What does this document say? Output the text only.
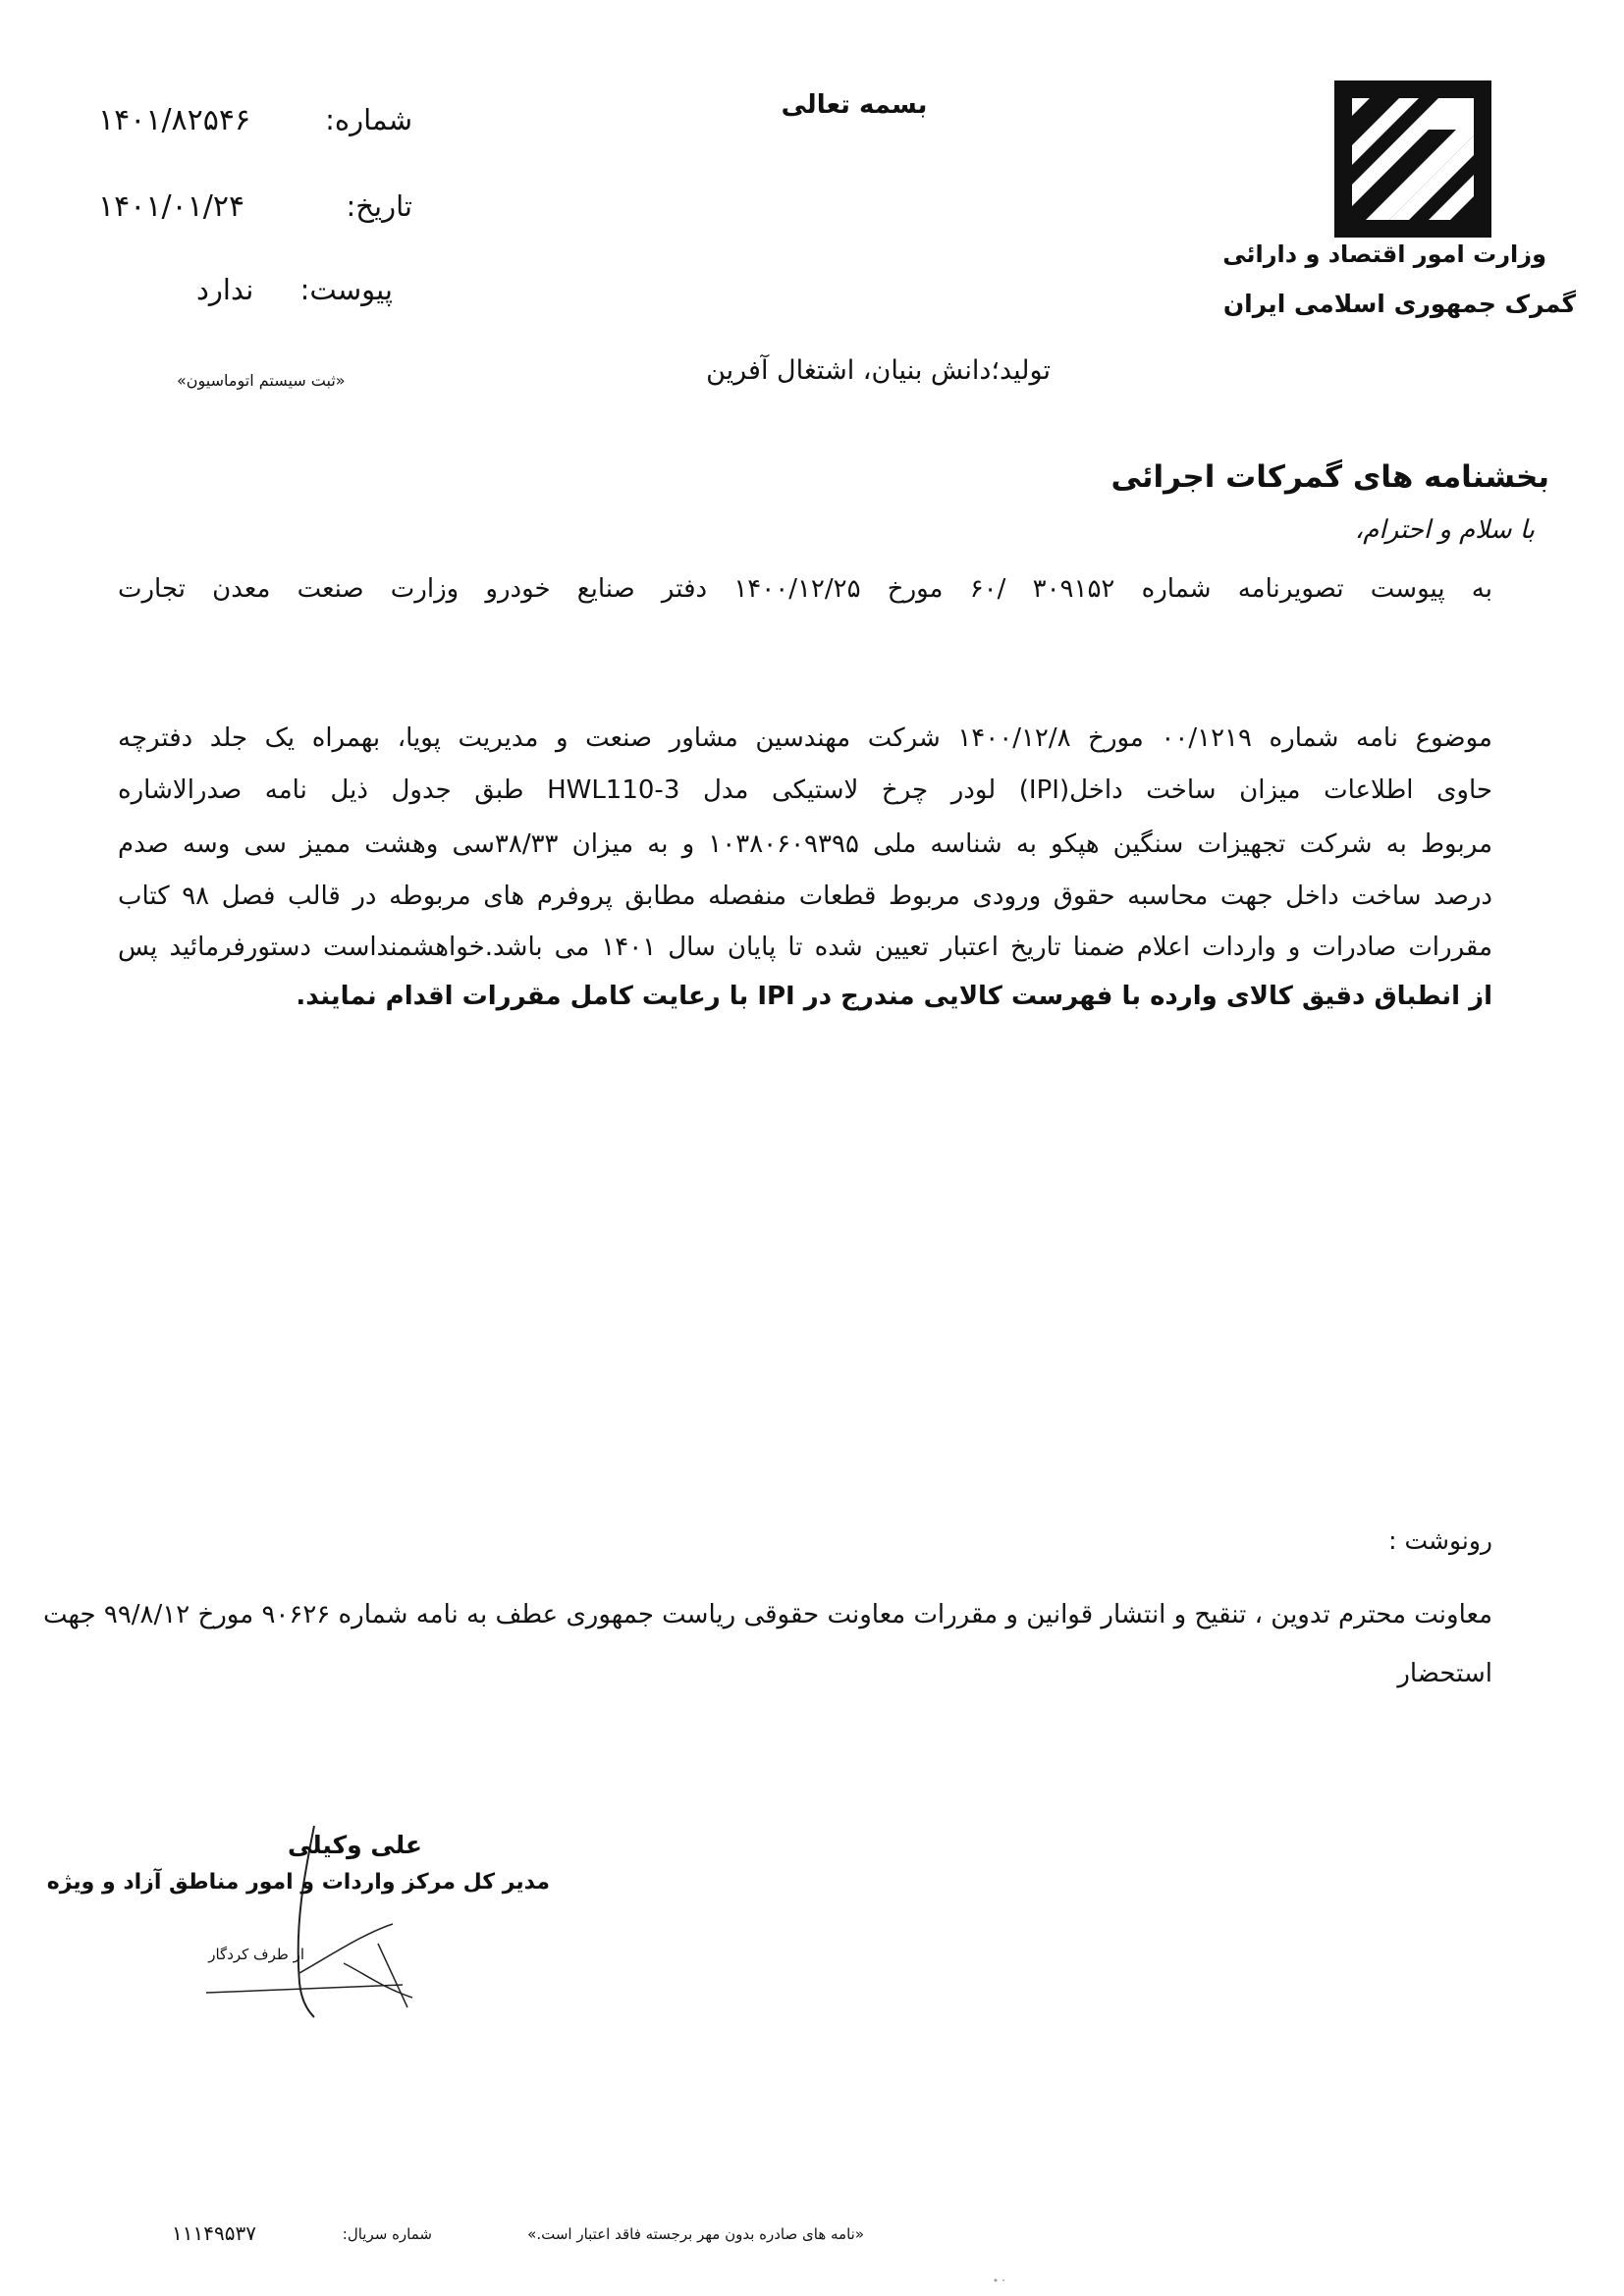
بسمه تعالی
وزارت امور اقتصاد و دارائی
گمرک جمهوری اسلامی ایران
شماره:
۱۴۰۱/۸۲۵۴۶
تاریخ:
۱۴۰۱/۰۱/۲۴
پیوست:
ندارد
«ثبت سیستم اتوماسیون»	تولید؛دانش بنیان، اشتغال آفرین
بخشنامه های گمرکات اجرائی
با سلام و احترام،
به پیوست تصویرنامه شماره ۳۰۹۱۵۲ /۶۰ مورخ ۱۴۰۰/۱۲/۲۵ دفتر صنایع خودرو وزارت صنعت معدن تجارت
موضوع نامه شماره ۰۰/۱۲۱۹ مورخ ۱۴۰۰/۱۲/۸ شرکت مهندسین مشاور صنعت و مدیریت پویا، بهمراه یک جلد دفترچه
حاوی اطلاعات میزان ساخت داخل(IPI) لودر چرخ لاستیکی مدل HWL110-3 طبق جدول ذیل نامه صدرالاشاره
مربوط به شرکت تجهیزات سنگین هپکو به شناسه ملی ۱۰۳۸۰۶۰۹۳۹۵ و به میزان ۳۸/۳۳سی وهشت ممیز سی وسه صدم
درصد ساخت داخل جهت محاسبه حقوق ورودی مربوط قطعات منفصله مطابق پروفرم های مربوطه در قالب فصل ۹۸ کتاب
مقررات صادرات و واردات اعلام ضمنا تاریخ اعتبار تعیین شده تا پایان سال ۱۴۰۱ می باشد.خواهشمنداست دستورفرمائید پس
از انطباق دقیق کالای وارده با فهرست کالایی مندرج در IPI با رعایت کامل مقررات اقدام نمایند.
رونوشت :
معاونت محترم تدوین ، تنقیح و انتشار قوانین و مقررات معاونت حقوقی ریاست جمهوری عطف به نامه شماره ۹۰۶۲۶ مورخ ۹۹/۸/۱۲ جهت
استحضار
علی وکیلی
مدیر کل مرکز واردات و امور مناطق آزاد و ویژه
از طرف کردگار
«نامه های صادره بدون مهر برجسته فاقد اعتبار است.»
شماره سریال:
۱۱۱۴۹۵۳۷
